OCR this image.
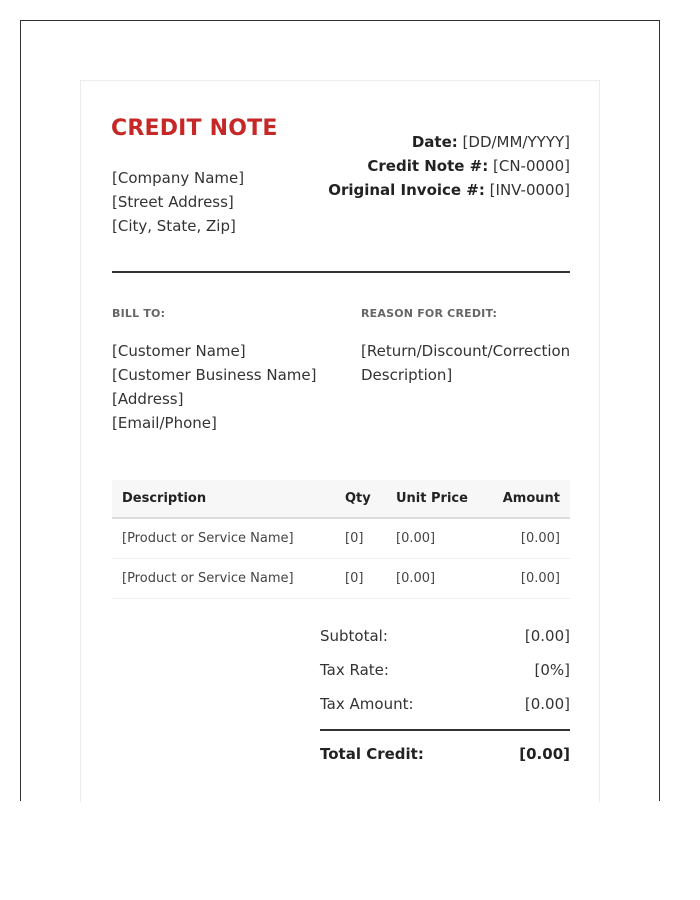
CREDIT NOTE
[Company Name]
[Street Address]
[City, State, Zip]
Date: [DD/MM/YYYY]
Credit Note #: [CN-0000]
Original Invoice #: [INV-0000]
BILL TO:	REASON FOR CREDIT:
[Customer Name]
[Customer Business Name]
[Address]
[Email/Phone]
[Return/Discount/Correction Description]
Description	Qty	Unit Price	Amount
[Product or Service Name]	[0]	[0.00]	[0.00]
[Product or Service Name]	[0]	[0.00]	[0.00]
Subtotal:	[0.00]
Tax Rate:	[0%]
Tax Amount:	[0.00]
Total Credit:	[0.00]
